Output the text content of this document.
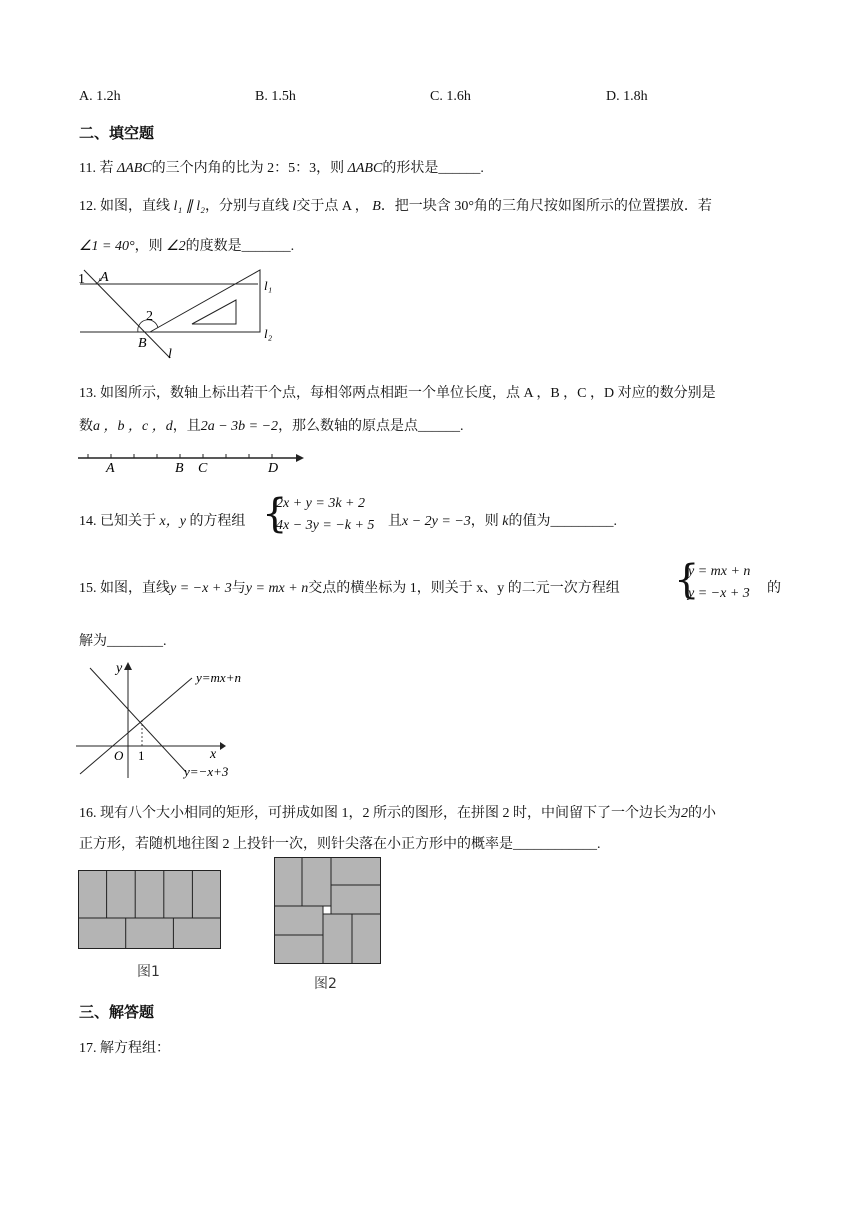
A. 1.2h	B. 1.5h	C. 1.6h	D. 1.8h
二、填空题
11. 若 ΔABC的三个内角的比为 2：5：3，则 ΔABC的形状是______.
12. 如图，直线 l₁ ∥ l₂，分别与直线 l交于点 A ， B．把一块含 30°角的三角尺按如图所示的位置摆放．若
∠1 = 40°，则 ∠2的度数是_______.
1 A
l₁
2
B
l
l₂
13. 如图所示，数轴上标出若干个点，每相邻两点相距一个单位长度，点 A ，B ，C ，D 对应的数分别是
数a ，b ，c ，d，且2a − 3b = −2，那么数轴的原点是点______.
A	B C	D
14. 已知关于 x，y 的方程组 {
2x + y = 3k + 2
4x − 3y = −k + 5 且x − 2y = −3，则 k的值为_________.
15. 如图，直线y = −x + 3与y = mx + n交点的横坐标为 1，则关于 x、y 的二元一次方程组 {
y = mx + n
y = −x + 3 的
解为________.
y
y=mx+n
x
O 1
y=−x+3
16. 现有八个大小相同的矩形，可拼成如图 1，2 所示的图形，在拼图 2 时，中间留下了一个边长为2的小
正方形，若随机地往图 2 上投针一次，则针尖落在小正方形中的概率是____________.
图1
图2
三、解答题
17. 解方程组：
